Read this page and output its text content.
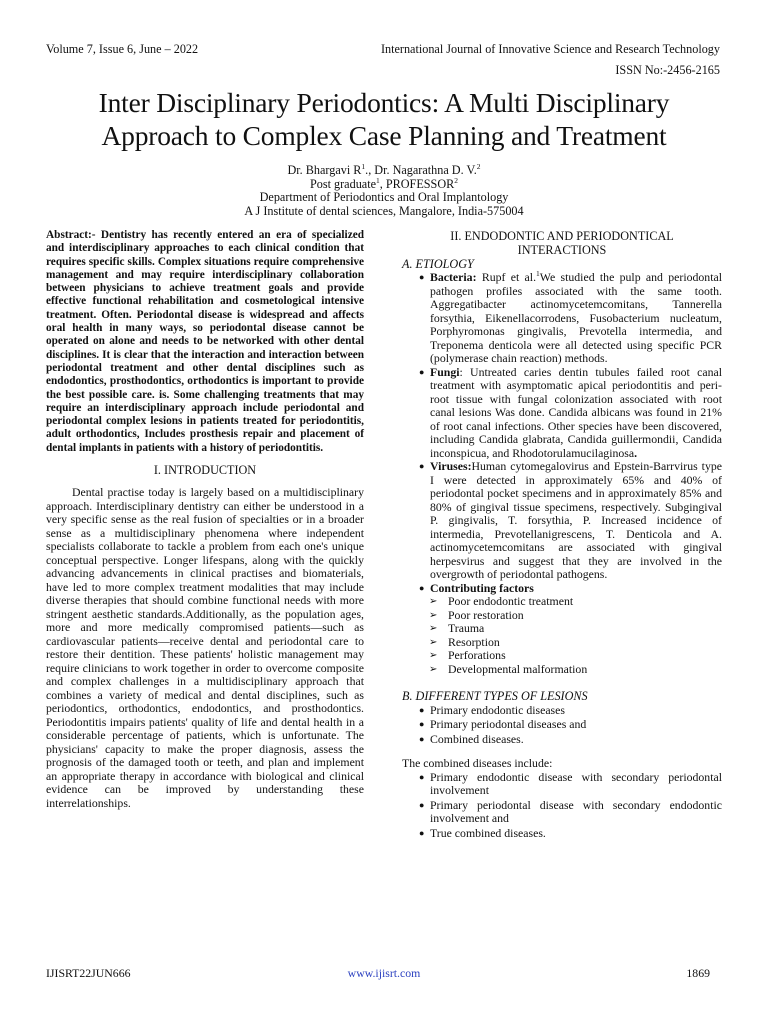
Volume 7, Issue 6, June – 2022	International Journal of Innovative Science and Research Technology
ISSN No:-2456-2165
Inter Disciplinary Periodontics: A Multi Disciplinary
Approach to Complex Case Planning and Treatment
Dr. Bhargavi $R^1$., Dr. Nagarathna D. V.$^2$
Post graduate$^1$, PROFESSOR$^2$
Department of Periodontics and Oral Implantology
A J Institute of dental sciences, Mangalore, India-575004

Abstract:- Dentistry has recently entered an era of specialized and interdisciplinary approaches to each clinical condition that requires specific skills. Complex situations require comprehensive management and may require interdisciplinary collaboration between physicians to achieve treatment goals and provide effective functional rehabilitation and cosmetological intensive treatment. Often. Periodontal disease is widespread and affects oral health in many ways, so periodontal disease cannot be operated on alone and needs to be networked with other dental disciplines. It is clear that the interaction and interaction between periodontal treatment and other dental disciplines such as endodontics, prosthodontics, orthodontics is important to provide the best possible care. is. Some challenging treatments that may require an interdisciplinary approach include periodontal and periodontal complex lesions in patients treated for periodontitis, adult orthodontics, Includes prosthesis repair and placement of dental implants in patients with a history of periodontitis.

I. INTRODUCTION

Dental practise today is largely based on a multidisciplinary approach. Interdisciplinary dentistry can either be understood in a very specific sense as the real fusion of specialties or in a broader sense as a multidisciplinary phenomena where independent specialists collaborate to tackle a problem from each one's unique conceptual perspective. Longer lifespans, along with the quickly advancing advancements in clinical practises and biomaterials, have led to more complex treatment modalities that may include diverse therapies that should combine functional needs with more stringent aesthetic standards.Additionally, as the population ages, more and more medically compromised patients―such as cardiovascular patients―receive dental and periodontal care to restore their dentition. These patients' holistic management may require clinicians to work together in order to overcome composite and complex challenges in a multidisciplinary approach that combines a variety of medical and dental disciplines, such as periodontics, orthodontics, endodontics, and prosthodontics. Periodontitis impairs patients' quality of life and dental health in a considerable percentage of patients, which is unfortunate. The physicians' capacity to make the proper diagnosis, assess the prognosis of the damaged tooth or teeth, and plan and implement an appropriate therapy in accordance with biological and clinical evidence can be improved by understanding these interrelationships.

II. ENDODONTIC AND PERIODONTICAL
INTERACTIONS

A. ETIOLOGY

● Bacteria: Rupf et al.$^1$We studied the pulp and periodontal pathogen profiles associated with the same tooth. Aggregatibacter actinomycetemcomitans, Tannerella forsythia, Eikenellacorrodens, Fusobacterium nucleatum, Porphyromonas gingivalis, Prevotella intermedia, and Treponema denticola were all detected using specific PCR (polymerase chain reaction) methods.
● Fungi: Untreated caries dentin tubules failed root canal treatment with asymptomatic apical periodontitis and peri-root tissue with fungal colonization associated with root canal lesions Was done. Candida albicans was found in 21% of root canal infections. Other species have been discovered, including Candida glabrata, Candida guillermondii, Candida inconspicua, and Rhodotorulamucilaginosa.
● Viruses:Human cytomegalovirus and Epstein-Barrvirus type I were detected in approximately 65% and 40% of periodontal pocket specimens and in approximately 85% and 80% of gingival tissue specimens, respectively. Subgingival P. gingivalis, T. forsythia, P. Increased incidence of intermedia, Prevotellanigrescens, T. Denticola and A. actinomycetemcomitans are associated with gingival herpesvirus and suggest that they are involved in the overgrowth of periodontal pathogens.
● Contributing factors
➢ Poor endodontic treatment
➢ Poor restoration
➢ Trauma
➢ Resorption
➢ Perforations
➢ Developmental malformation

B. DIFFERENT TYPES OF LESIONS

● Primary endodontic diseases
● Primary periodontal diseases and
● Combined diseases.

The combined diseases include:

● Primary endodontic disease with secondary periodontal involvement
● Primary periodontal disease with secondary endodontic involvement and
● True combined diseases.
IJISRT22JUN666	www.ijisrt.com	1869
